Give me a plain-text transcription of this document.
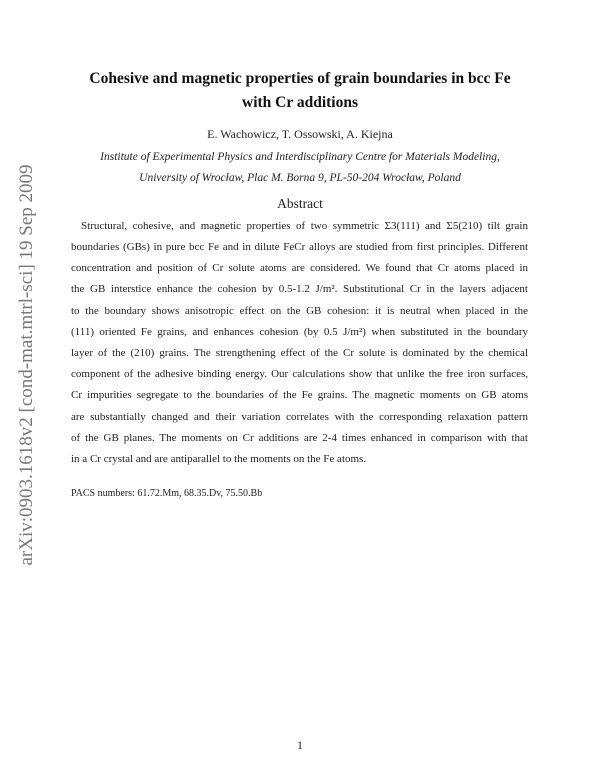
arXiv:0903.1618v2 [cond-mat.mtrl-sci] 19 Sep 2009
Cohesive and magnetic properties of grain boundaries in bcc Fe
with Cr additions
E. Wachowicz, T. Ossowski, A. Kiejna
Institute of Experimental Physics and Interdisciplinary Centre for Materials Modeling,
University of Wrocław, Plac M. Borna 9, PL-50-204 Wrocław, Poland
Abstract
Structural, cohesive, and magnetic properties of two symmetric Σ3(111) and Σ5(210) tilt grain
boundaries (GBs) in pure bcc Fe and in dilute FeCr alloys are studied from first principles. Different
concentration and position of Cr solute atoms are considered. We found that Cr atoms placed in
the GB interstice enhance the cohesion by 0.5-1.2 J/m². Substitutional Cr in the layers adjacent
to the boundary shows anisotropic effect on the GB cohesion: it is neutral when placed in the
(111) oriented Fe grains, and enhances cohesion (by 0.5 J/m²) when substituted in the boundary
layer of the (210) grains. The strengthening effect of the Cr solute is dominated by the chemical
component of the adhesive binding energy. Our calculations show that unlike the free iron surfaces,
Cr impurities segregate to the boundaries of the Fe grains. The magnetic moments on GB atoms
are substantially changed and their variation correlates with the corresponding relaxation pattern
of the GB planes. The moments on Cr additions are 2-4 times enhanced in comparison with that
in a Cr crystal and are antiparallel to the moments on the Fe atoms.
PACS numbers: 61.72.Mm, 68.35.Dv, 75.50.Bb
1
